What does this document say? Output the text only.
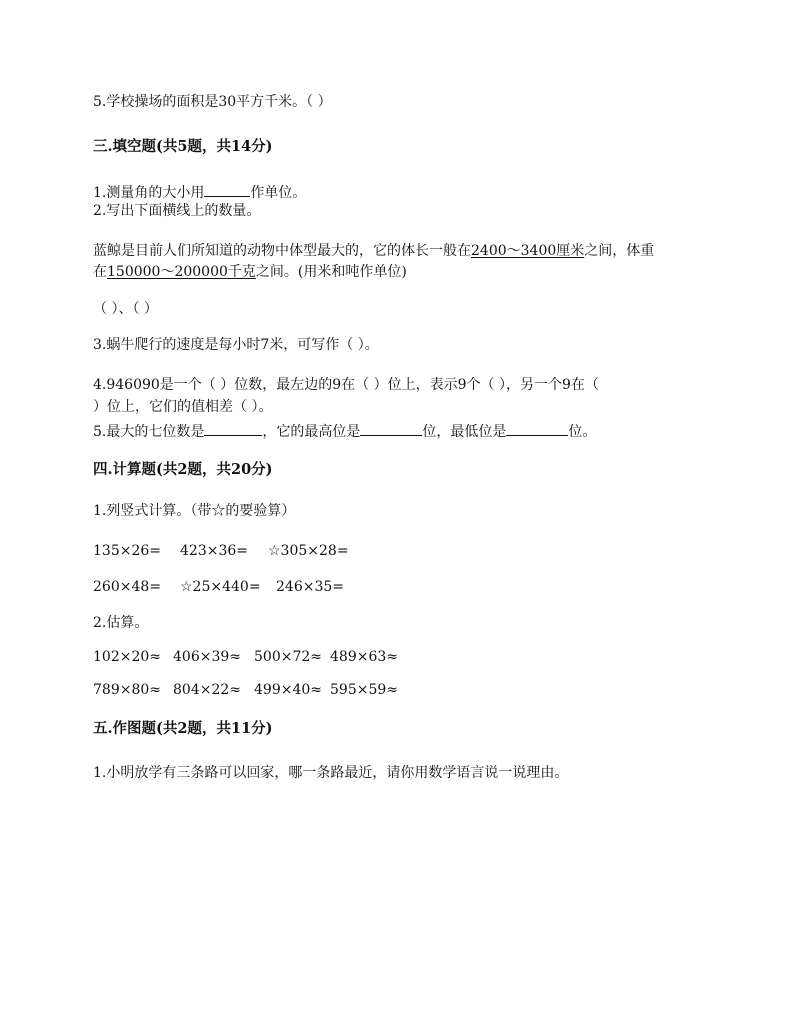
5.学校操场的面积是30平方千米。（ ）
三.填空题(共5题，共14分)
1.测量角的大小用	作单位。
2.写出下面横线上的数量。
蓝鲸是目前人们所知道的动物中体型最大的，它的体长一般在2400～3400厘米之间，体重
在150000～200000千克之间。(用米和吨作单位)
（ ）、（ ）
3.蜗牛爬行的速度是每小时7米，可写作（ ）。
4.946090是一个（ ）位数，最左边的9在（ ）位上，表示9个（ ），另一个9在（
）位上，它们的值相差（ ）。
5.最大的七位数是	，它的最高位是	位，最低位是	位。
四.计算题(共2题，共20分)
1.列竖式计算。（带☆的要验算）
135×26= 423×36= ☆305×28=
260×48= ☆25×440= 246×35=
2.估算。
102×20≈ 406×39≈ 500×72≈ 489×63≈
789×80≈ 804×22≈ 499×40≈ 595×59≈
五.作图题(共2题，共11分)
1.小明放学有三条路可以回家，哪一条路最近，请你用数学语言说一说理由。
